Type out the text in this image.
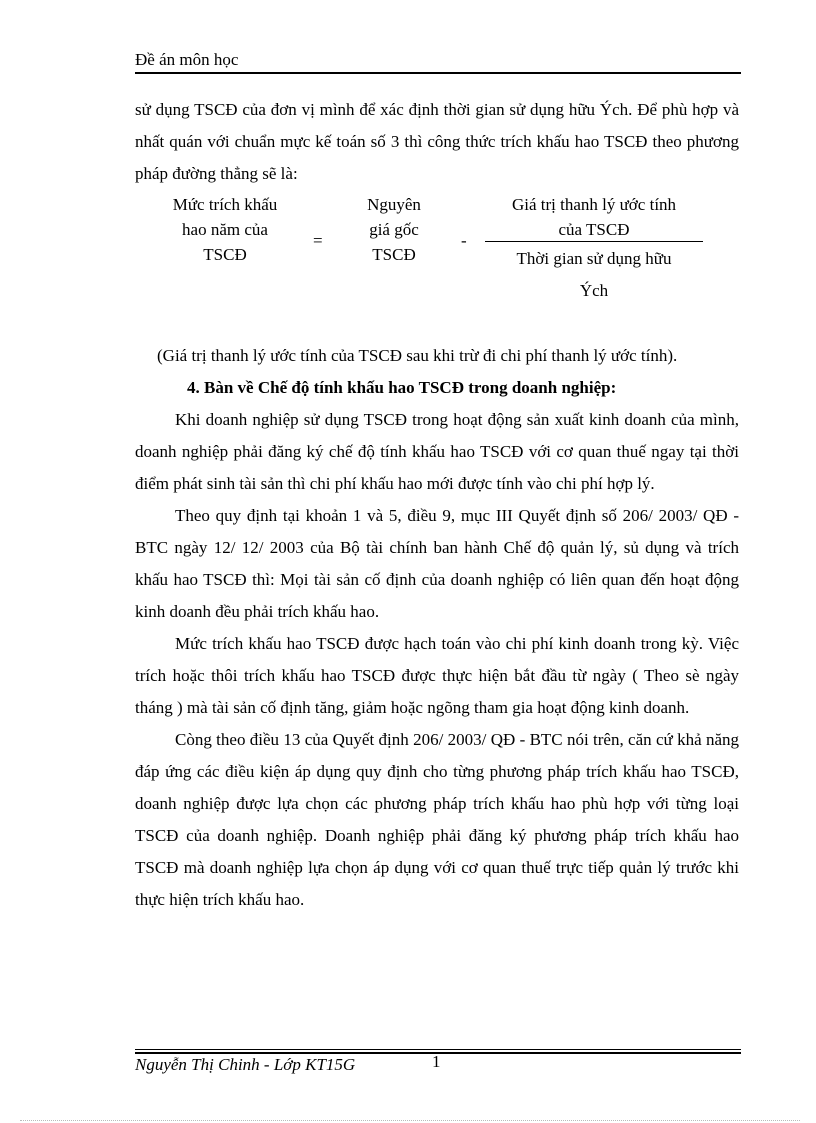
Đề án môn học

sử dụng TSCĐ của đơn vị mình để xác định thời gian sử dụng hữu Ých. Để phù hợp và nhất quán với chuẩn mực kế toán số 3 thì công thức trích khấu hao TSCĐ theo phương pháp đường thẳng sẽ là:

Mức trích khấu
hao năm của
TSCĐ
=
Nguyên
giá gốc
TSCĐ
-
Giá trị thanh lý ước tính
của TSCĐ
Thời gian sử dụng hữu
Ých

(Giá trị thanh lý ước tính của TSCĐ sau khi trừ đi chi phí thanh lý ước tính).

4. Bàn về Chế độ tính khấu hao TSCĐ trong doanh nghiệp:

Khi doanh nghiệp sử dụng TSCĐ trong hoạt động sản xuất kinh doanh của mình, doanh nghiệp phải đăng ký chế độ tính khấu hao TSCĐ với cơ quan thuế ngay tại thời điểm phát sinh tài sản thì chi phí khấu hao mới được tính vào chi phí hợp lý.

Theo quy định tại khoản 1 và 5, điều 9, mục III Quyết định số 206/ 2003/ QĐ - BTC ngày 12/ 12/ 2003 của Bộ tài chính ban hành Chế độ quản lý, sủ dụng và trích khấu hao TSCĐ thì: Mọi tài sản cố định của doanh nghiệp có liên quan đến hoạt động kinh doanh đều phải trích khấu hao.

Mức trích khấu hao TSCĐ được hạch toán vào chi phí kinh doanh trong kỳ. Việc trích hoặc thôi trích khấu hao TSCĐ được thực hiện bắt đầu từ ngày ( Theo sè ngày tháng ) mà tài sản cố định tăng, giảm hoặc ngõng tham gia hoạt động kinh doanh.

Còng theo điều 13 của Quyết định 206/ 2003/ QĐ - BTC nói trên, căn cứ khả năng đáp ứng các điều kiện áp dụng quy định cho từng phương pháp trích khấu hao TSCĐ, doanh nghiệp được lựa chọn các phương pháp trích khấu hao phù hợp với từng loại TSCĐ của doanh nghiệp. Doanh nghiệp phải đăng ký phương pháp trích khấu hao TSCĐ mà doanh nghiệp lựa chọn áp dụng với cơ quan thuế trực tiếp quản lý trước khi thực hiện trích khấu hao.

Nguyễn Thị Chinh - Lớp KT15G	1
